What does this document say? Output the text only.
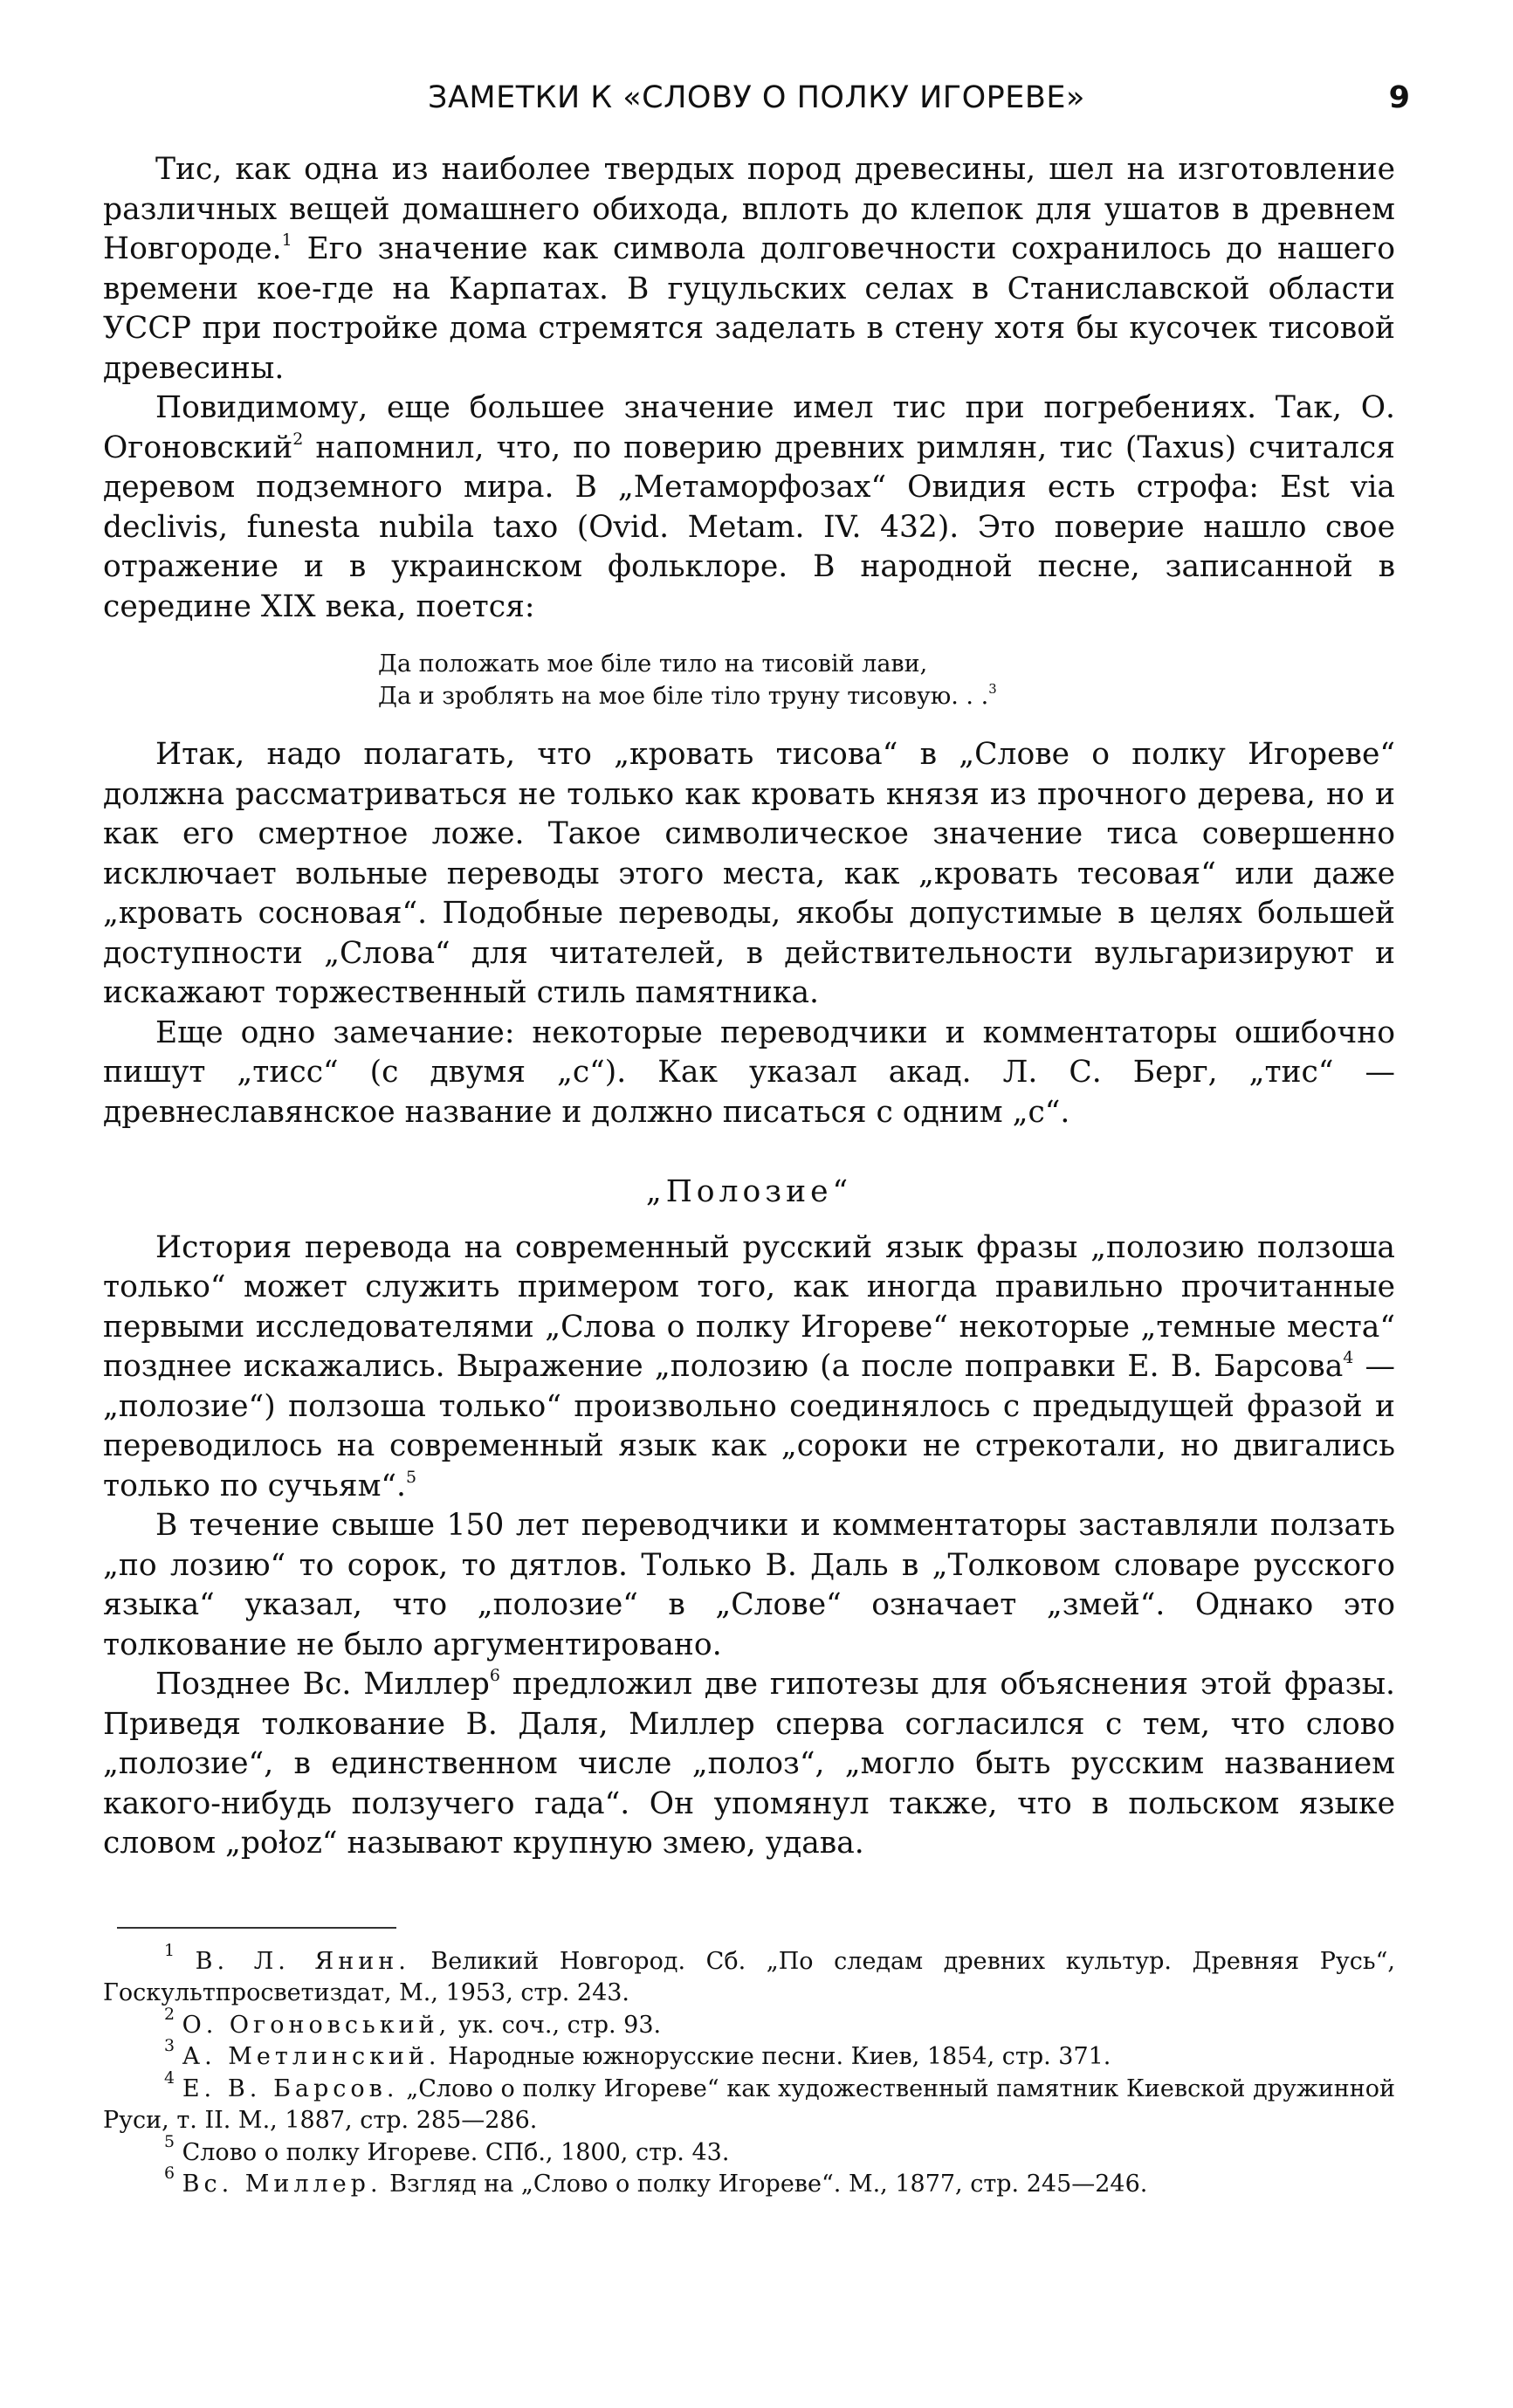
ЗАМЕТКИ К «СЛОВУ О ПОЛКУ ИГОРЕВЕ»	9

Тис, как одна из наиболее твердых пород древесины, шел на изготовление различных вещей домашнего обихода, вплоть до клепок для ушатов в древнем Новгороде.$^1$ Его значение как символа долговечности сохранилось до нашего времени кое-где на Карпатах. В гуцульских селах в Станиславской области УССР при постройке дома стремятся заделать в стену хотя бы кусочек тисовой древесины.

Повидимому, еще большее значение имел тис при погребениях. Так, О. Огоновский$^2$ напомнил, что, по поверию древних римлян, тис (Taxus) считался деревом подземного мира. В „Метаморфозах“ Овидия есть строфа: Est via declivis, funesta nubila taxo (Ovid. Metam. IV. 432). Это поверие нашло свое отражение и в украинском фольклоре. В народной песне, записанной в середине XIX века, поется:

Да положать мое біле тило на тисовій лави,
Да и зроблять на мое біле тіло труну тисовую. . .$^3$

Итак, надо полагать, что „кровать тисова“ в „Слове о полку Игореве“ должна рассматриваться не только как кровать князя из прочного дерева, но и как его смертное ложе. Такое символическое значение тиса совершенно исключает вольные переводы этого места, как „кровать тесовая“ или даже „кровать сосновая“. Подобные переводы, якобы допустимые в целях большей доступности „Слова“ для читателей, в действительности вульгаризируют и искажают торжественный стиль памятника.

Еще одно замечание: некоторые переводчики и комментаторы ошибочно пишут „тисс“ (с двумя „с“). Как указал акад. Л. С. Берг, „тис“ — древнеславянское название и должно писаться с одним „с“.

„Полозие“

История перевода на современный русский язык фразы „полозию ползоша только“ может служить примером того, как иногда правильно прочитанные первыми исследователями „Слова о полку Игореве“ некоторые „темные места“ позднее искажались. Выражение „полозию (а после поправки Е. В. Барсова$^4$ — „полозие“) ползоша только“ произвольно соединялось с предыдущей фразой и переводилось на современный язык как „сороки не стрекотали, но двигались только по сучьям“.$^5$

В течение свыше 150 лет переводчики и комментаторы заставляли ползать „по лозию“ то сорок, то дятлов. Только В. Даль в „Толковом словаре русского языка“ указал, что „полозие“ в „Слове“ означает „змей“. Однако это толкование не было аргументировано.

Позднее Вс. Миллер$^6$ предложил две гипотезы для объяснения этой фразы. Приведя толкование В. Даля, Миллер сперва согласился с тем, что слово „полозие“, в единственном числе „полоз“, „могло быть русским названием какого-нибудь ползучего гада“. Он упомянул также, что в польском языке словом „połoz“ называют крупную змею, удава.

$^1$ В. Л. Янин. Великий Новгород. Сб. „По следам древних культур. Древняя Русь“, Госкультпросветиздат, М., 1953, стр. 243.
$^2$ О. Огоновський, ук. соч., стр. 93.
$^3$ А. Метлинский. Народные южнорусские песни. Киев, 1854, стр. 371.
$^4$ Е. В. Барсов. „Слово о полку Игореве“ как художественный памятник Киевской дружинной Руси, т. II. М., 1887, стр. 285—286.
$^5$ Слово о полку Игореве. СПб., 1800, стр. 43.
$^6$ Вс. Миллер. Взгляд на „Слово о полку Игореве“. М., 1877, стр. 245—246.
